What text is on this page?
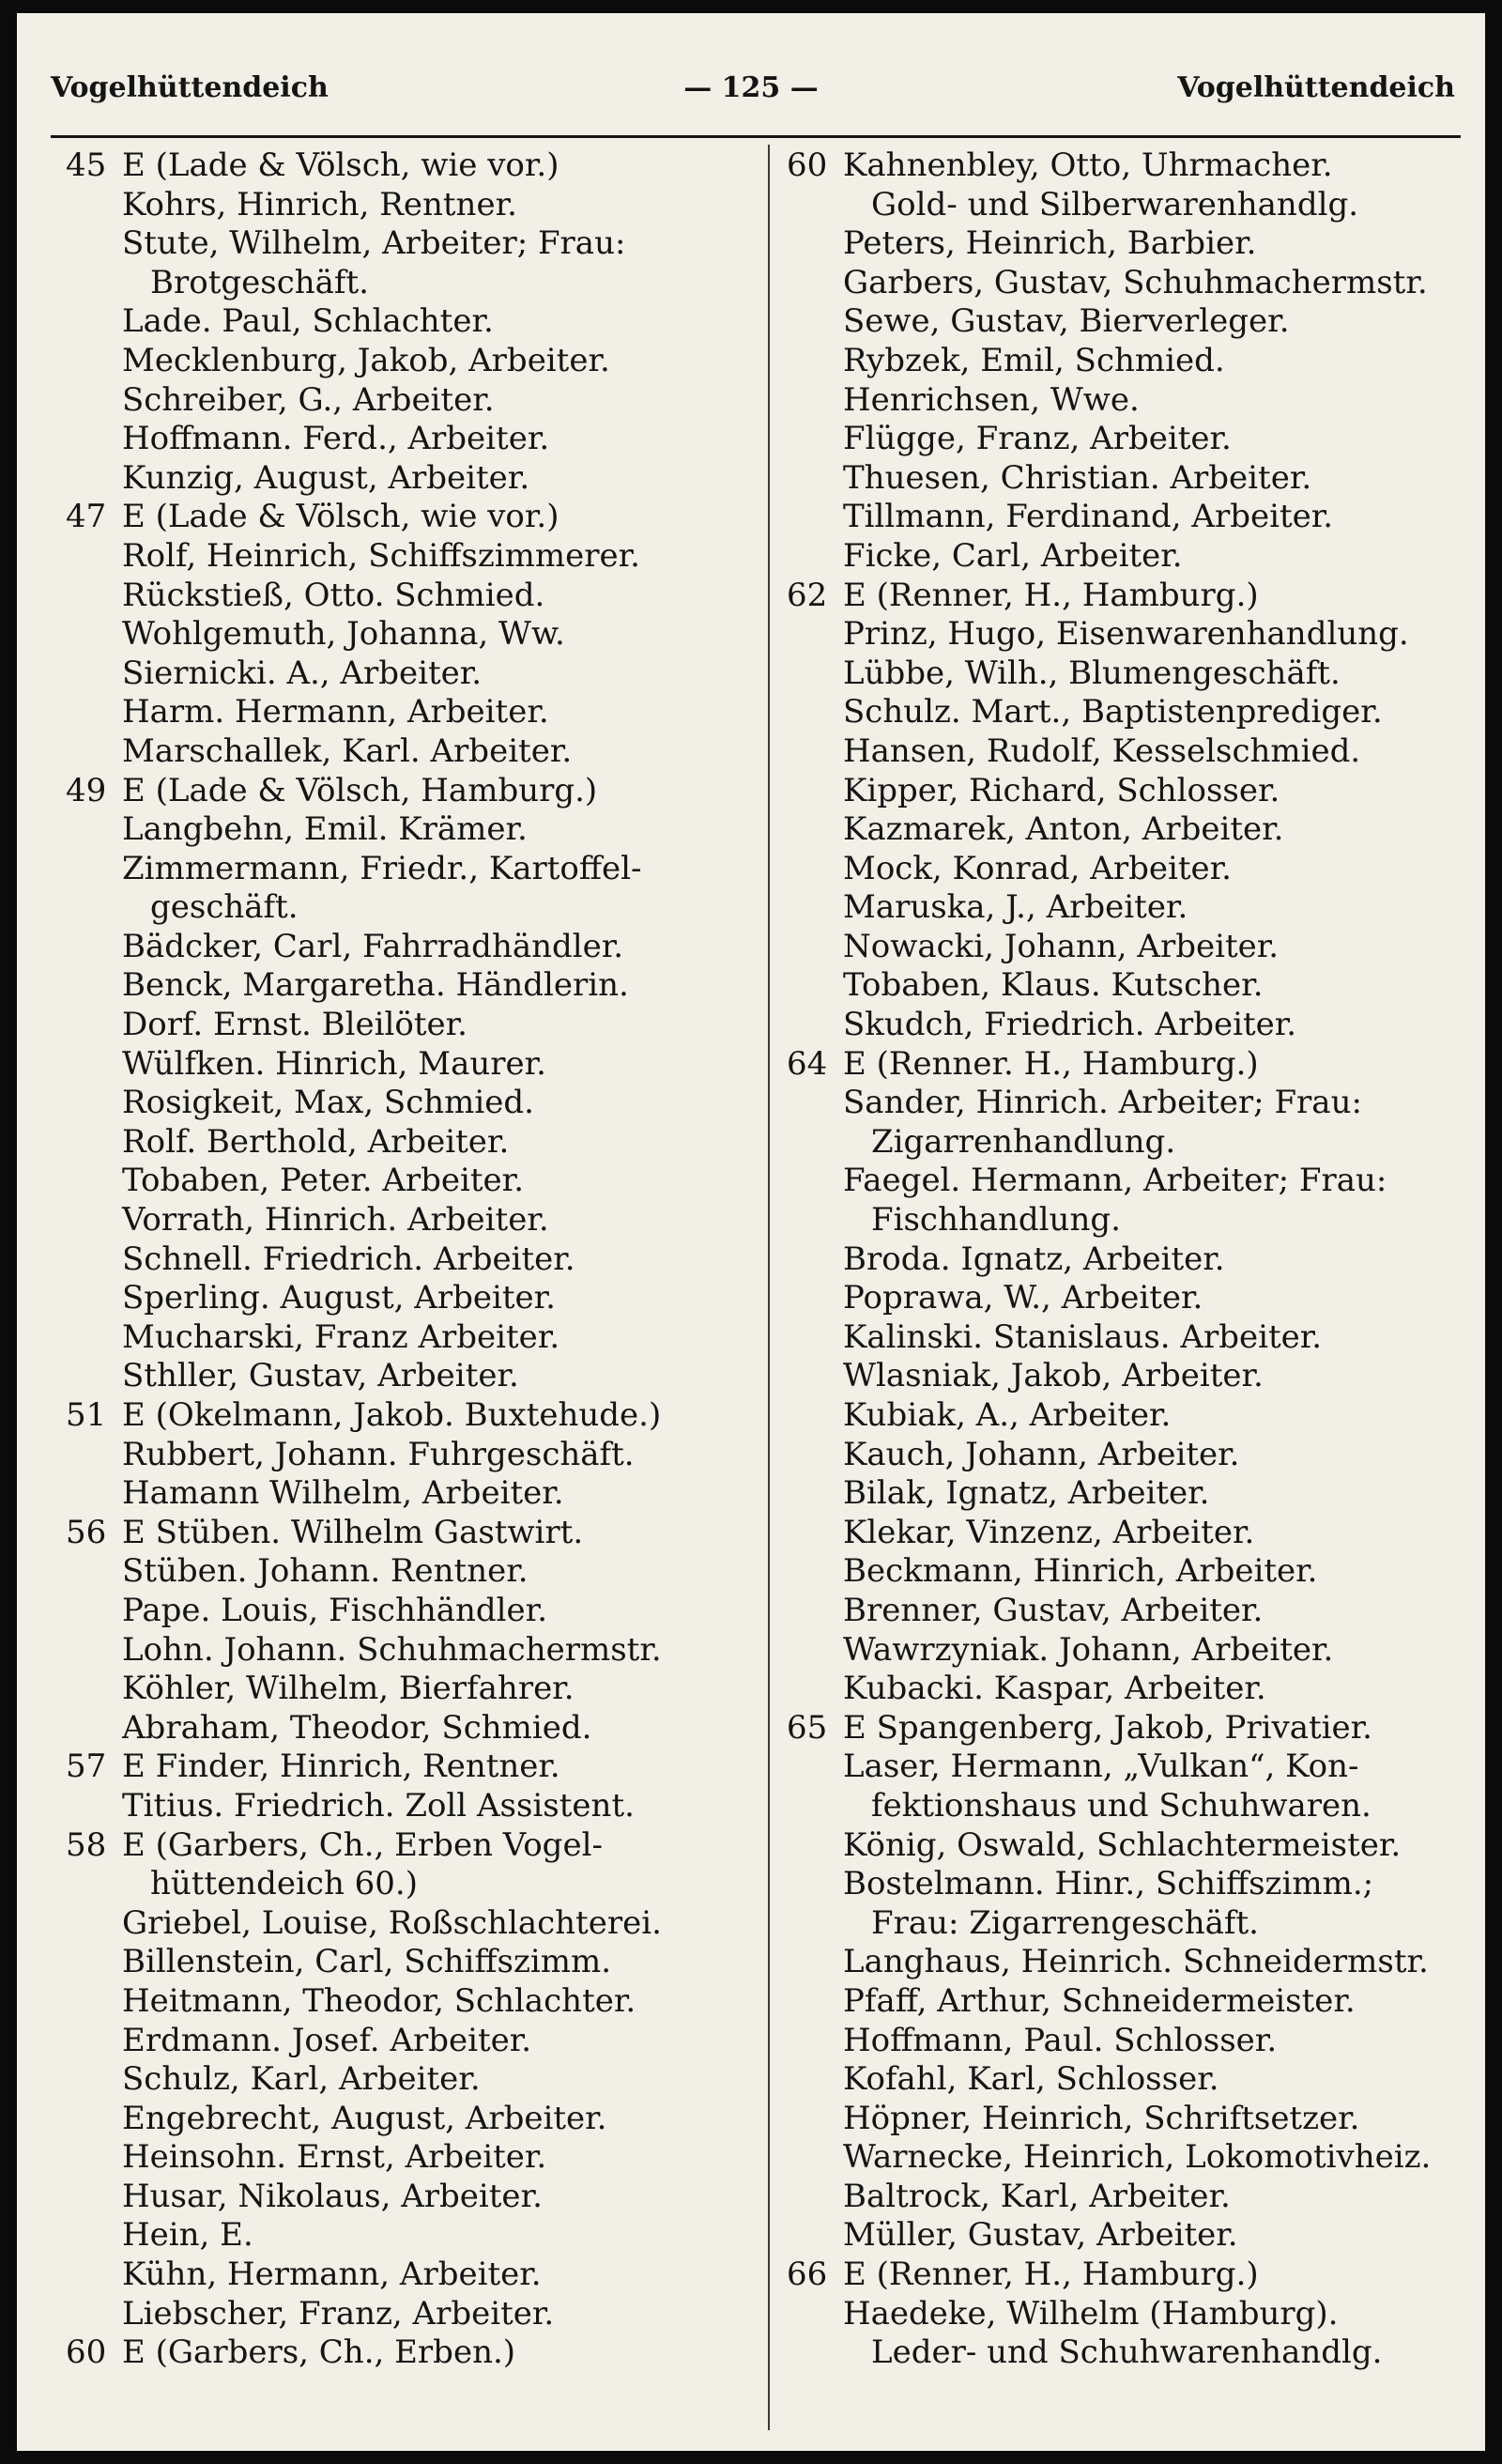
Vogelhüttendeich	— 125 —	Vogelhüttendeich
45 E (Lade & Völsch, wie vor.)
Kohrs, Hinrich, Rentner.
Stute, Wilhelm, Arbeiter; Frau:
Brotgeschäft.
Lade. Paul, Schlachter.
Mecklenburg, Jakob, Arbeiter.
Schreiber, G., Arbeiter.
Hoffmann. Ferd., Arbeiter.
Kunzig, August, Arbeiter.
47 E (Lade & Völsch, wie vor.)
Rolf, Heinrich, Schiffszimmerer.
Rückstieß, Otto. Schmied.
Wohlgemuth, Johanna, Ww.
Siernicki. A., Arbeiter.
Harm. Hermann, Arbeiter.
Marschallek, Karl. Arbeiter.
49 E (Lade & Völsch, Hamburg.)
Langbehn, Emil. Krämer.
Zimmermann, Friedr., Kartoffel-
geschäft.
Bädcker, Carl, Fahrradhändler.
Benck, Margaretha. Händlerin.
Dorf. Ernst. Bleilöter.
Wülfken. Hinrich, Maurer.
Rosigkeit, Max, Schmied.
Rolf. Berthold, Arbeiter.
Tobaben, Peter. Arbeiter.
Vorrath, Hinrich. Arbeiter.
Schnell. Friedrich. Arbeiter.
Sperling. August, Arbeiter.
Mucharski, Franz Arbeiter.
Sthller, Gustav, Arbeiter.
51 E (Okelmann, Jakob. Buxtehude.)
Rubbert, Johann. Fuhrgeschäft.
Hamann Wilhelm, Arbeiter.
56 E Stüben. Wilhelm Gastwirt.
Stüben. Johann. Rentner.
Pape. Louis, Fischhändler.
Lohn. Johann. Schuhmachermstr.
Köhler, Wilhelm, Bierfahrer.
Abraham, Theodor, Schmied.
57 E Finder, Hinrich, Rentner.
Titius. Friedrich. Zoll Assistent.
58 E (Garbers, Ch., Erben Vogel-
hüttendeich 60.)
Griebel, Louise, Roßschlachterei.
Billenstein, Carl, Schiffszimm.
Heitmann, Theodor, Schlachter.
Erdmann. Josef. Arbeiter.
Schulz, Karl, Arbeiter.
Engebrecht, August, Arbeiter.
Heinsohn. Ernst, Arbeiter.
Husar, Nikolaus, Arbeiter.
Hein, E.
Kühn, Hermann, Arbeiter.
Liebscher, Franz, Arbeiter.
60 E (Garbers, Ch., Erben.)
60 Kahnenbley, Otto, Uhrmacher.
Gold- und Silberwarenhandlg.
Peters, Heinrich, Barbier.
Garbers, Gustav, Schuhmachermstr.
Sewe, Gustav, Bierverleger.
Rybzek, Emil, Schmied.
Henrichsen, Wwe.
Flügge, Franz, Arbeiter.
Thuesen, Christian. Arbeiter.
Tillmann, Ferdinand, Arbeiter.
Ficke, Carl, Arbeiter.
62 E (Renner, H., Hamburg.)
Prinz, Hugo, Eisenwarenhandlung.
Lübbe, Wilh., Blumengeschäft.
Schulz. Mart., Baptistenprediger.
Hansen, Rudolf, Kesselschmied.
Kipper, Richard, Schlosser.
Kazmarek, Anton, Arbeiter.
Mock, Konrad, Arbeiter.
Maruska, J., Arbeiter.
Nowacki, Johann, Arbeiter.
Tobaben, Klaus. Kutscher.
Skudch, Friedrich. Arbeiter.
64 E (Renner. H., Hamburg.)
Sander, Hinrich. Arbeiter; Frau:
Zigarrenhandlung.
Faegel. Hermann, Arbeiter; Frau:
Fischhandlung.
Broda. Ignatz, Arbeiter.
Poprawa, W., Arbeiter.
Kalinski. Stanislaus. Arbeiter.
Wlasniak, Jakob, Arbeiter.
Kubiak, A., Arbeiter.
Kauch, Johann, Arbeiter.
Bilak, Ignatz, Arbeiter.
Klekar, Vinzenz, Arbeiter.
Beckmann, Hinrich, Arbeiter.
Brenner, Gustav, Arbeiter.
Wawrzyniak. Johann, Arbeiter.
Kubacki. Kaspar, Arbeiter.
65 E Spangenberg, Jakob, Privatier.
Laser, Hermann, „Vulkan“, Kon-
fektionshaus und Schuhwaren.
König, Oswald, Schlachtermeister.
Bostelmann. Hinr., Schiffszimm.;
Frau: Zigarrengeschäft.
Langhaus, Heinrich. Schneidermstr.
Pfaff, Arthur, Schneidermeister.
Hoffmann, Paul. Schlosser.
Kofahl, Karl, Schlosser.
Höpner, Heinrich, Schriftsetzer.
Warnecke, Heinrich, Lokomotivheiz.
Baltrock, Karl, Arbeiter.
Müller, Gustav, Arbeiter.
66 E (Renner, H., Hamburg.)
Haedeke, Wilhelm (Hamburg).
Leder- und Schuhwarenhandlg.
